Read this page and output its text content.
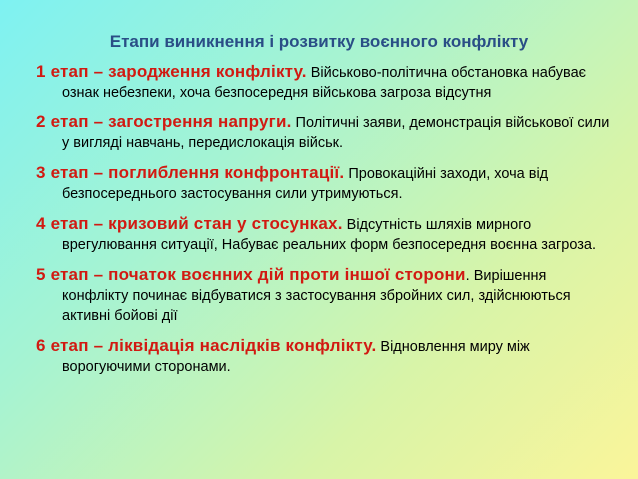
Етапи виникнення і розвитку воєнного конфлікту
1 етап – зародження конфлікту. Військово-політична обстановка набуває ознак небезпеки, хоча безпосередня військова загроза відсутня
2 етап – загострення напруги. Політичні заяви, демонстрація військової сили у вигляді навчань, передислокація військ.
3 етап – поглиблення конфронтації. Провокаційні заходи, хоча від безпосереднього застосування сили утримуються.
4 етап – кризовий стан у стосунках. Відсутність шляхів мирного врегулювання ситуації, Набуває реальних форм безпосередня воєнна загроза.
5 етап – початок воєнних дій проти іншої сторони. Вирішення конфлікту починає відбуватися з застосування збройних сил, здійснюються активні бойові дії
6 етап – ліквідація наслідків конфлікту. Відновлення миру між ворогуючими сторонами.
